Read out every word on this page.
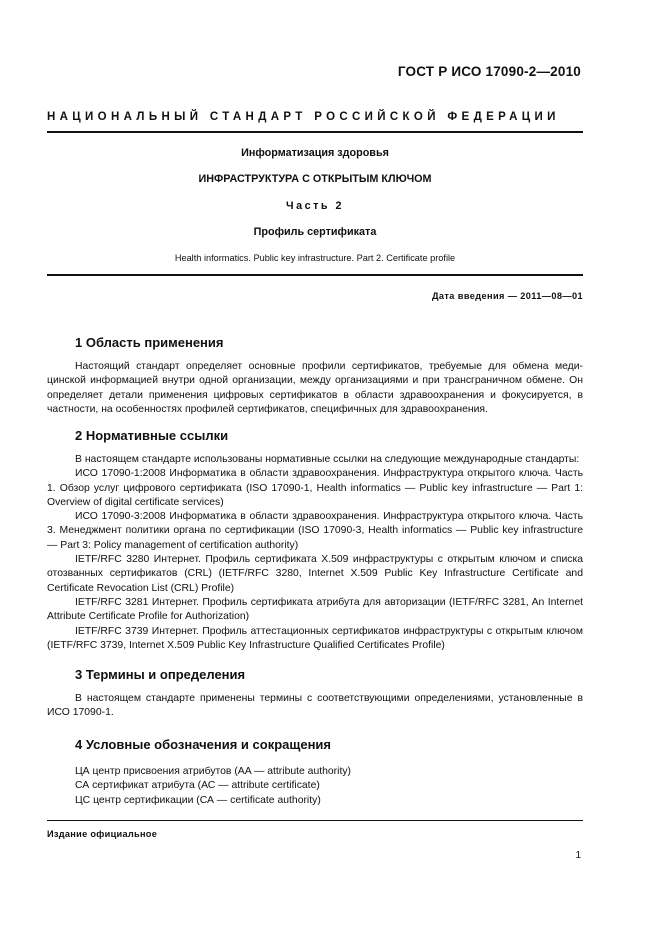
ГОСТ Р ИСО 17090-2—2010
НАЦИОНАЛЬНЫЙ СТАНДАРТ РОССИЙСКОЙ ФЕДЕРАЦИИ
Информатизация здоровья
ИНФРАСТРУКТУРА С ОТКРЫТЫМ КЛЮЧОМ
Часть 2
Профиль сертификата
Health informatics. Public key infrastructure. Part 2. Certificate profile
Дата введения — 2011—08—01
1 Область применения

Настоящий стандарт определяет основные профили сертификатов, требуемые для обмена медицинской информацией внутри одной организации, между организациями и при трансграничном обмене. Он определяет детали применения цифровых сертификатов в области здравоохранения и фокусируется, в частности, на особенностях профилей сертификатов, специфичных для здравоохранения.

2 Нормативные ссылки

В настоящем стандарте использованы нормативные ссылки на следующие международные стандарты:

ИСО 17090-1:2008 Информатика в области здравоохранения. Инфраструктура открытого ключа. Часть 1. Обзор услуг цифрового сертификата (ISO 17090-1, Health informatics — Public key infrastructure — Part 1: Overview of digital certificate services)

ИСО 17090-3:2008 Информатика в области здравоохранения. Инфраструктура открытого ключа. Часть 3. Менеджмент политики органа по сертификации (ISO 17090-3, Health informatics — Public key infrastructure — Part 3: Policy management of certification authority)

IETF/RFC 3280 Интернет. Профиль сертификата X.509 инфраструктуры с открытым ключом и списка отозванных сертификатов (CRL) (IETF/RFC 3280, Internet X.509 Public Key Infrastructure Certificate and Certificate Revocation List (CRL) Profile)

IETF/RFC 3281 Интернет. Профиль сертификата атрибута для авторизации (IETF/RFC 3281, An Internet Attribute Certificate Profile for Authorization)

IETF/RFC 3739 Интернет. Профиль аттестационных сертификатов инфраструктуры с открытым ключом (IETF/RFC 3739, Internet X.509 Public Key Infrastructure Qualified Certificates Profile)

3 Термины и определения

В настоящем стандарте применены термины с соответствующими определениями, установленные в ИСО 17090-1.

4 Условные обозначения и сокращения
ЦА центр присвоения атрибутов (AA — attribute authority)
СА сертификат атрибута (АС — attribute certificate)
ЦС центр сертификации (СА — certificate authority)
Издание официальное
1
